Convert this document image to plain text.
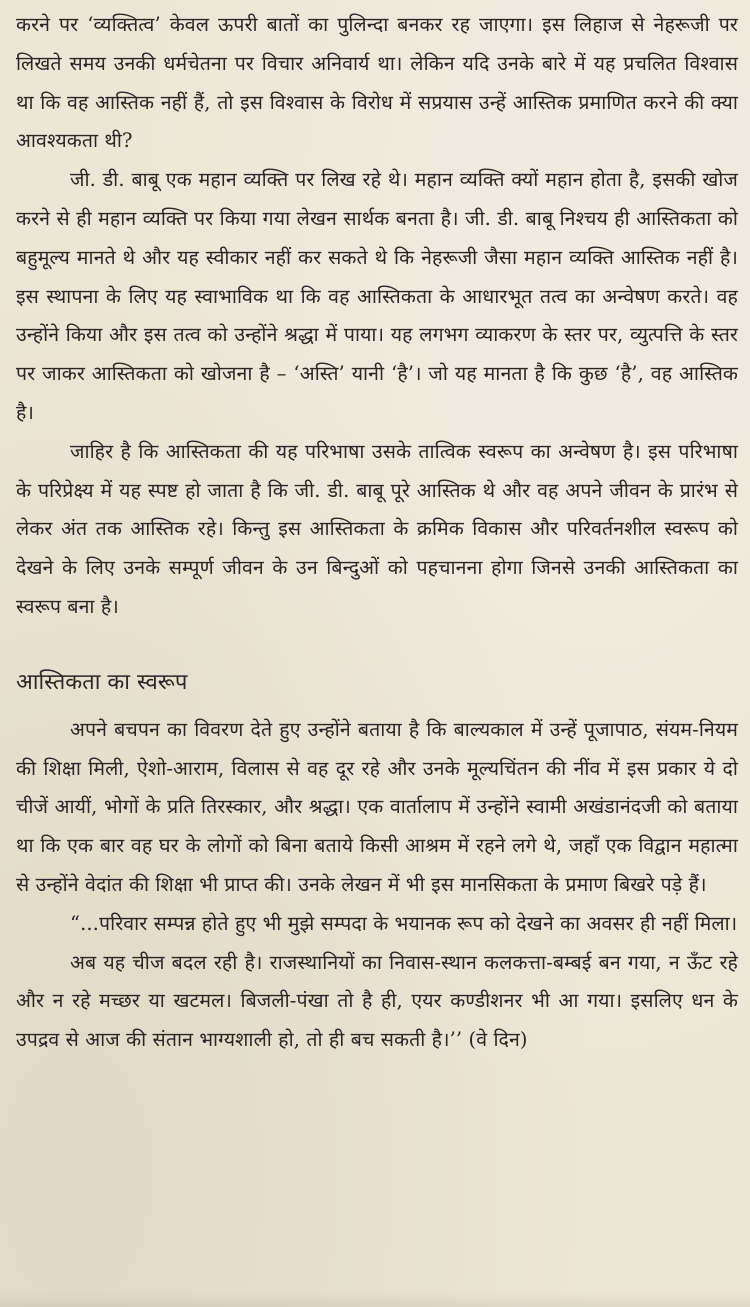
करने पर ‘व्यक्तित्व’ केवल ऊपरी बातों का पुलिन्दा बनकर रह जाएगा। इस लिहाज से नेहरूजी पर लिखते समय उनकी धर्मचेतना पर विचार अनिवार्य था। लेकिन यदि उनके बारे में यह प्रचलित विश्वास था कि वह आस्तिक नहीं हैं, तो इस विश्वास के विरोध में सप्रयास उन्हें आस्तिक प्रमाणित करने की क्या आवश्यकता थी?

जी. डी. बाबू एक महान व्यक्ति पर लिख रहे थे। महान व्यक्ति क्यों महान होता है, इसकी खोज करने से ही महान व्यक्ति पर किया गया लेखन सार्थक बनता है। जी. डी. बाबू निश्चय ही आस्तिकता को बहुमूल्य मानते थे और यह स्वीकार नहीं कर सकते थे कि नेहरूजी जैसा महान व्यक्ति आस्तिक नहीं है। इस स्थापना के लिए यह स्वाभाविक था कि वह आस्तिकता के आधारभूत तत्व का अन्वेषण करते। वह उन्होंने किया और इस तत्व को उन्होंने श्रद्धा में पाया। यह लगभग व्याकरण के स्तर पर, व्युत्पत्ति के स्तर पर जाकर आस्तिकता को खोजना है – ‘अस्ति’ यानी ‘है’। जो यह मानता है कि कुछ ‘है’, वह आस्तिक है।

जाहिर है कि आस्तिकता की यह परिभाषा उसके तात्विक स्वरूप का अन्वेषण है। इस परिभाषा के परिप्रेक्ष्य में यह स्पष्ट हो जाता है कि जी. डी. बाबू पूरे आस्तिक थे और वह अपने जीवन के प्रारंभ से लेकर अंत तक आस्तिक रहे। किन्तु इस आस्तिकता के क्रमिक विकास और परिवर्तनशील स्वरूप को देखने के लिए उनके सम्पूर्ण जीवन के उन बिन्दुओं को पहचानना होगा जिनसे उनकी आस्तिकता का स्वरूप बना है।

आस्तिकता का स्वरूप

अपने बचपन का विवरण देते हुए उन्होंने बताया है कि बाल्यकाल में उन्हें पूजापाठ, संयम-नियम की शिक्षा मिली, ऐशो-आराम, विलास से वह दूर रहे और उनके मूल्यचिंतन की नींव में इस प्रकार ये दो चीजें आयीं, भोगों के प्रति तिरस्कार, और श्रद्धा। एक वार्तालाप में उन्होंने स्वामी अखंडानंदजी को बताया था कि एक बार वह घर के लोगों को बिना बताये किसी आश्रम में रहने लगे थे, जहाँ एक विद्वान महात्मा से उन्होंने वेदांत की शिक्षा भी प्राप्त की। उनके लेखन में भी इस मानसिकता के प्रमाण बिखरे पड़े हैं।

“...परिवार सम्पन्न होते हुए भी मुझे सम्पदा के भयानक रूप को देखने का अवसर ही नहीं मिला।

अब यह चीज बदल रही है। राजस्थानियों का निवास-स्थान कलकत्ता-बम्बई बन गया, न ऊँट रहे और न रहे मच्छर या खटमल। बिजली-पंखा तो है ही, एयर कण्डीशनर भी आ गया। इसलिए धन के उपद्रव से आज की संतान भाग्यशाली हो, तो ही बच सकती है।’’ (वे दिन)
